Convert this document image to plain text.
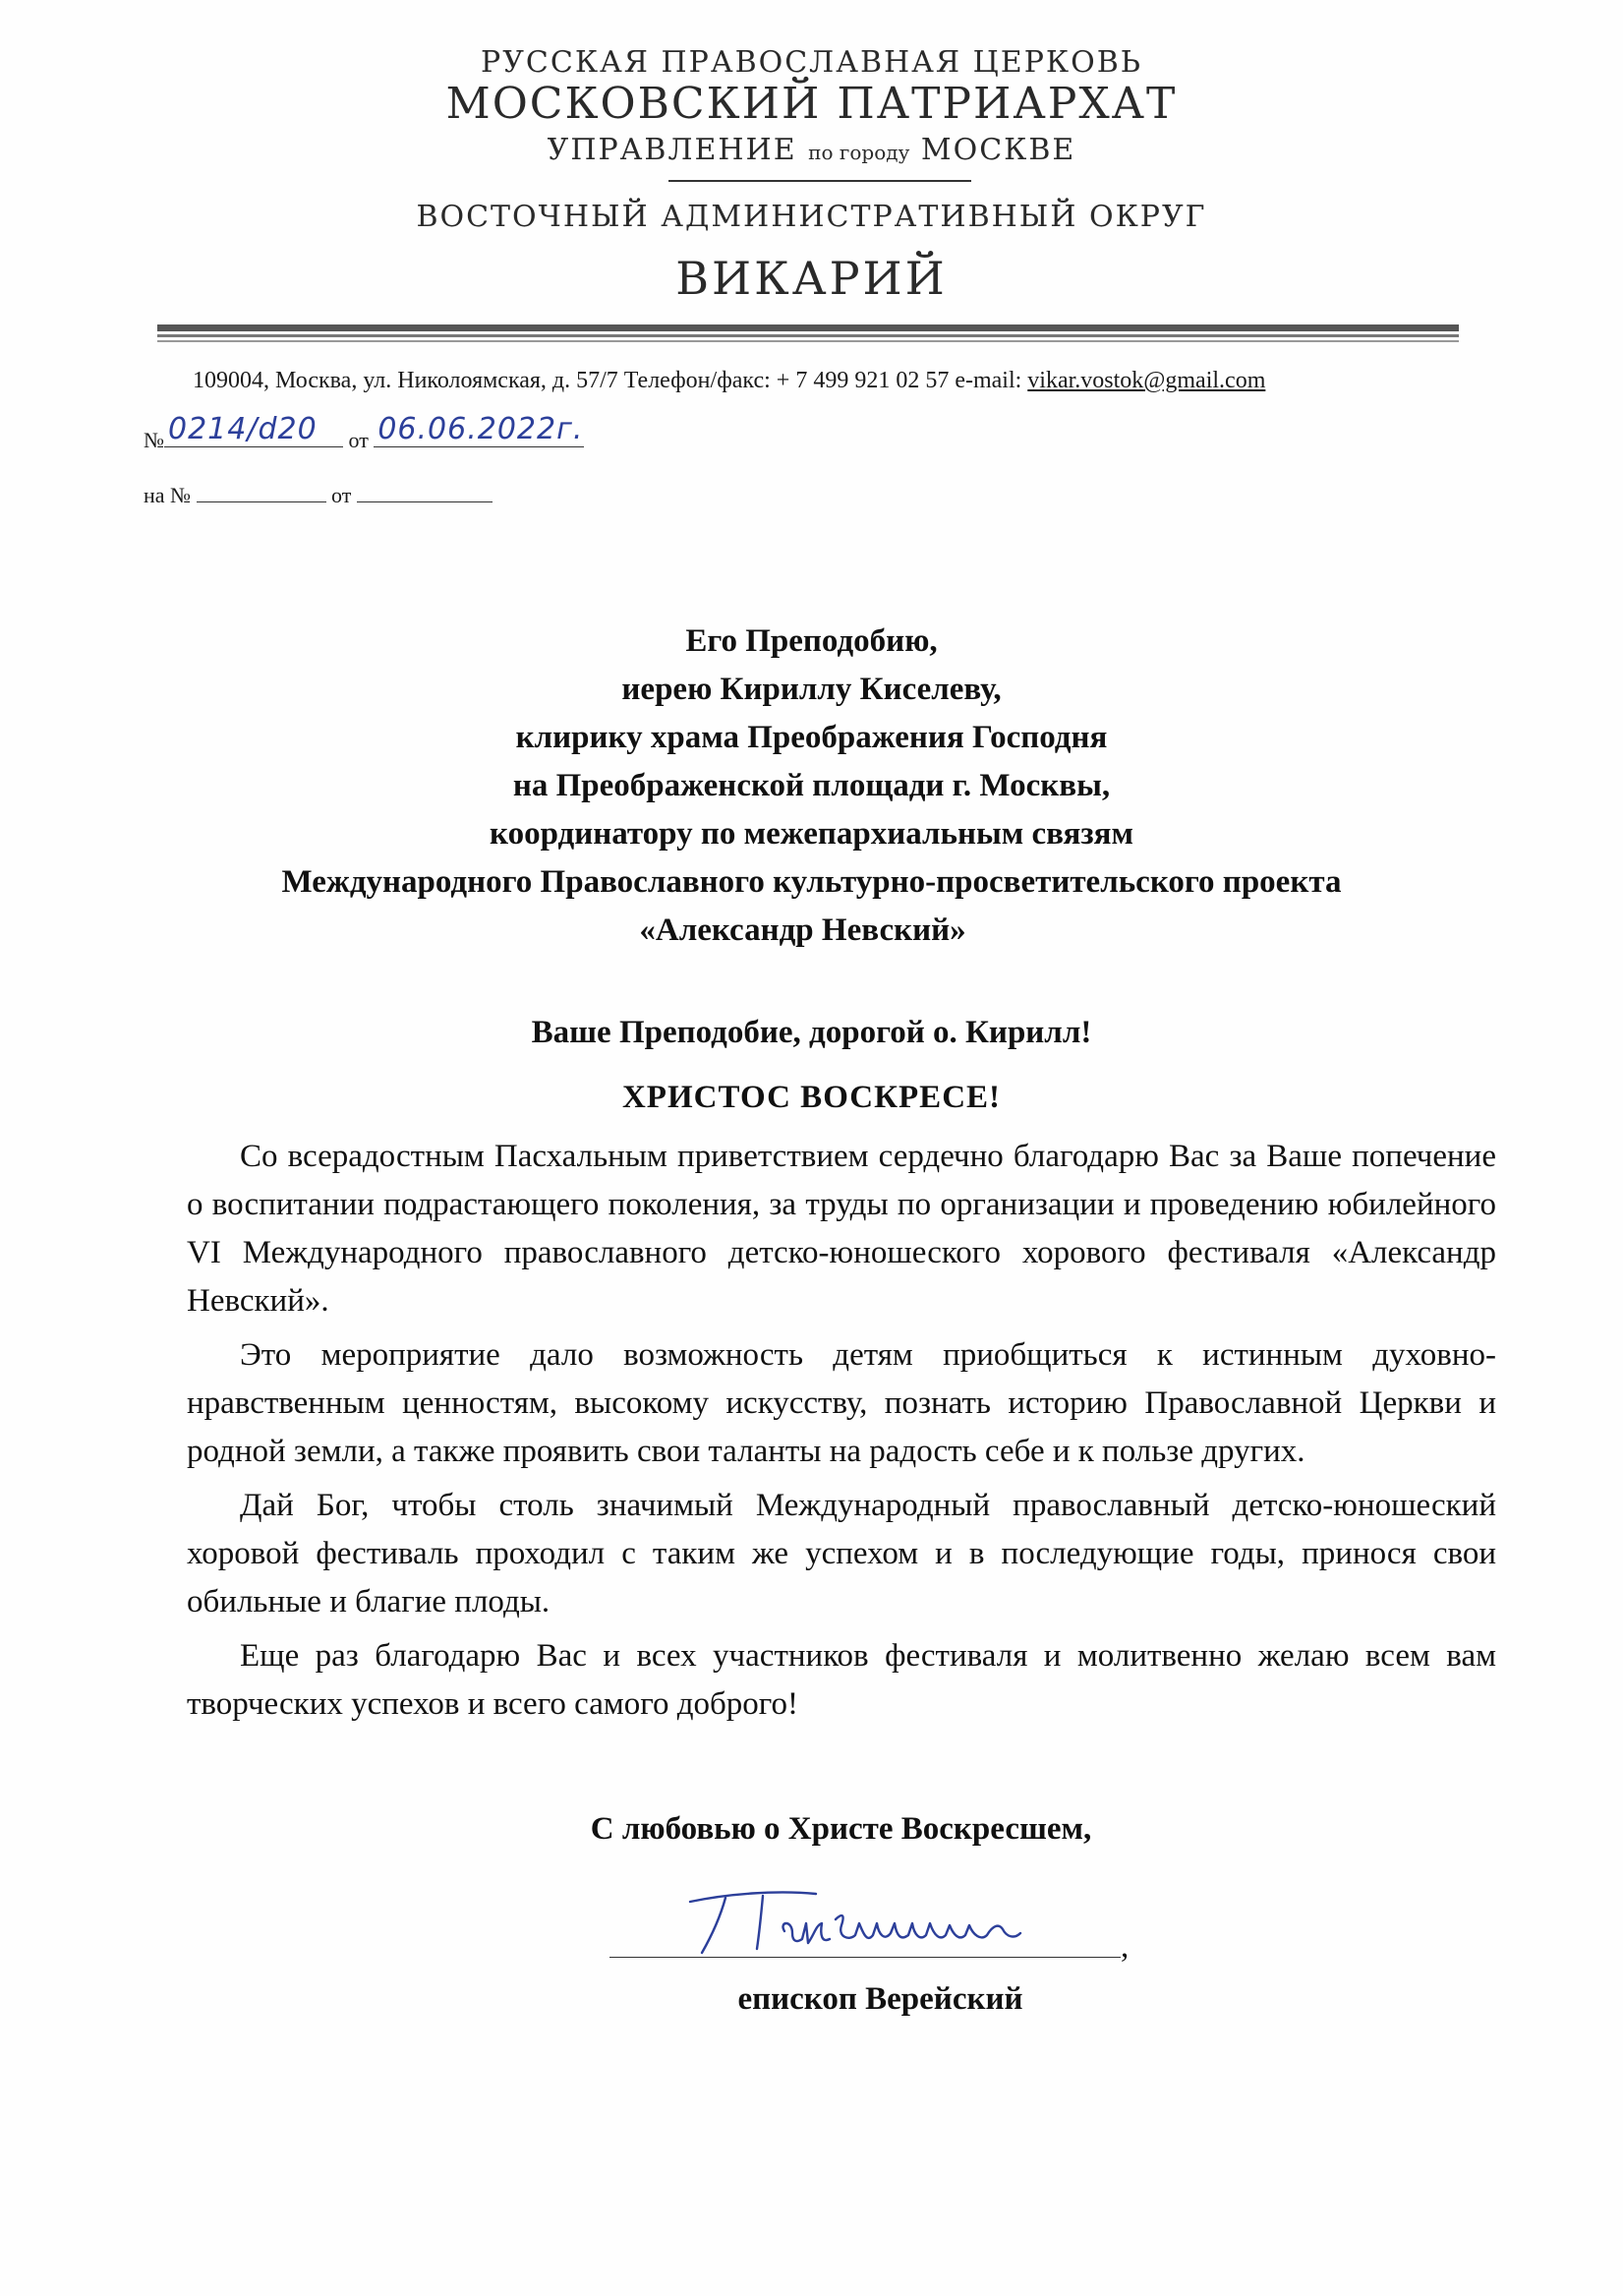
РУССКАЯ ПРАВОСЛАВНАЯ ЦЕРКОВЬ
МОСКОВСКИЙ ПАТРИАРХАТ
УПРАВЛЕНИЕ по городу МОСКВЕ
ВОСТОЧНЫЙ АДМИНИСТРАТИВНЫЙ ОКРУГ
ВИКАРИЙ
109004, Москва, ул. Николоямская, д. 57/7 Телефон/факс: + 7 499 921 02 57 e-mail: vikar.vostok@gmail.com
№ 0214/d20 от 06.06.2022г.
на №	от
Его Преподобию,
иерею Кириллу Киселеву,
клирику храма Преображения Господня
на Преображенской площади г. Москвы,
координатору по межепархиальным связям
Международного Православного культурно-просветительского проекта
«Александр Невский»
Ваше Преподобие, дорогой о. Кирилл!
ХРИСТОС ВОСКРЕСЕ!

Со всерадостным Пасхальным приветствием сердечно благодарю Вас за Ваше попечение о воспитании подрастающего поколения, за труды по организации и проведению юбилейного VI Международного православного детско-юношеского хорового фестиваля «Александр Невский».

Это мероприятие дало возможность детям приобщиться к истинным духовно-нравственным ценностям, высокому искусству, познать историю Православной Церкви и родной земли, а также проявить свои таланты на радость себе и к пользе других.

Дай Бог, чтобы столь значимый Международный православный детско-юношеский хоровой фестиваль проходил с таким же успехом и в последующие годы, принося свои обильные и благие плоды.

Еще раз благодарю Вас и всех участников фестиваля и молитвенно желаю всем вам творческих успехов и всего самого доброго!

С любовью о Христе Воскресшем,
,
епископ Верейский
